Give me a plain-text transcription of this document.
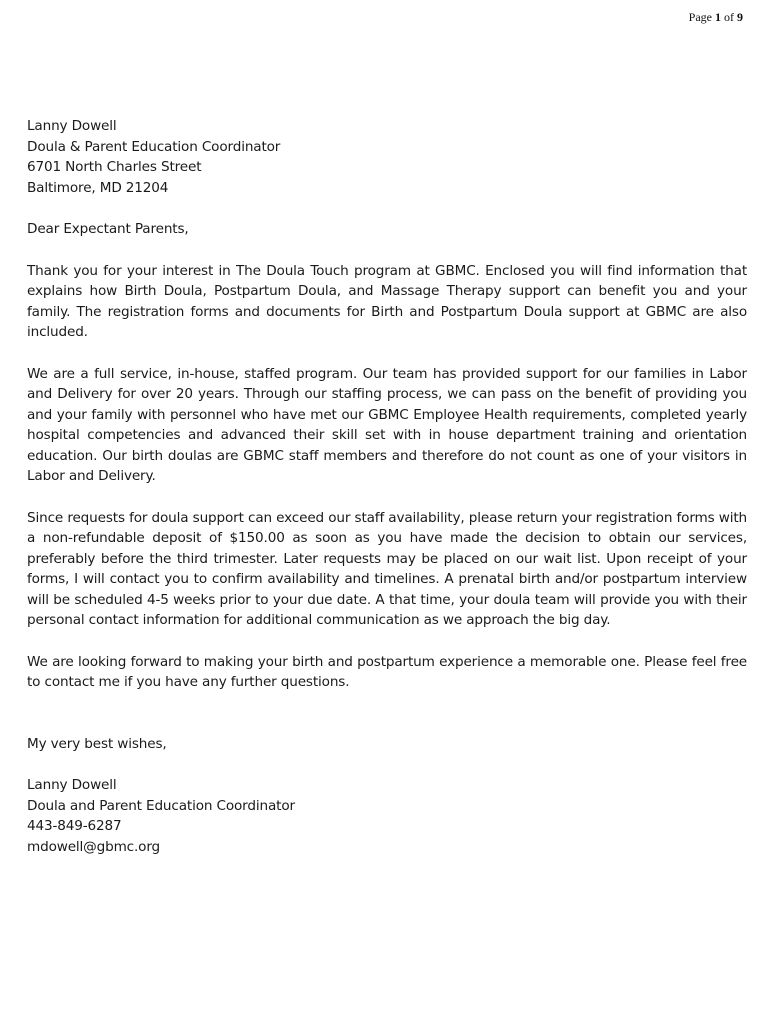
Page 1 of 9
Lanny Dowell
Doula & Parent Education Coordinator
6701 North Charles Street
Baltimore, MD 21204

Dear Expectant Parents,

Thank you for your interest in The Doula Touch program at GBMC. Enclosed you will find information that explains how Birth Doula, Postpartum Doula, and Massage Therapy support can benefit you and your family. The registration forms and documents for Birth and Postpartum Doula support at GBMC are also included.

We are a full service, in-house, staffed program. Our team has provided support for our families in Labor and Delivery for over 20 years. Through our staffing process, we can pass on the benefit of providing you and your family with personnel who have met our GBMC Employee Health requirements, completed yearly hospital competencies and advanced their skill set with in house department training and orientation education. Our birth doulas are GBMC staff members and therefore do not count as one of your visitors in Labor and Delivery.

Since requests for doula support can exceed our staff availability, please return your registration forms with a non-refundable deposit of $150.00 as soon as you have made the decision to obtain our services, preferably before the third trimester. Later requests may be placed on our wait list. Upon receipt of your forms, I will contact you to confirm availability and timelines. A prenatal birth and/or postpartum interview will be scheduled 4-5 weeks prior to your due date. A that time, your doula team will provide you with their personal contact information for additional communication as we approach the big day.

We are looking forward to making your birth and postpartum experience a memorable one. Please feel free to contact me if you have any further questions.

My very best wishes,

Lanny Dowell
Doula and Parent Education Coordinator
443-849-6287
mdowell@gbmc.org
